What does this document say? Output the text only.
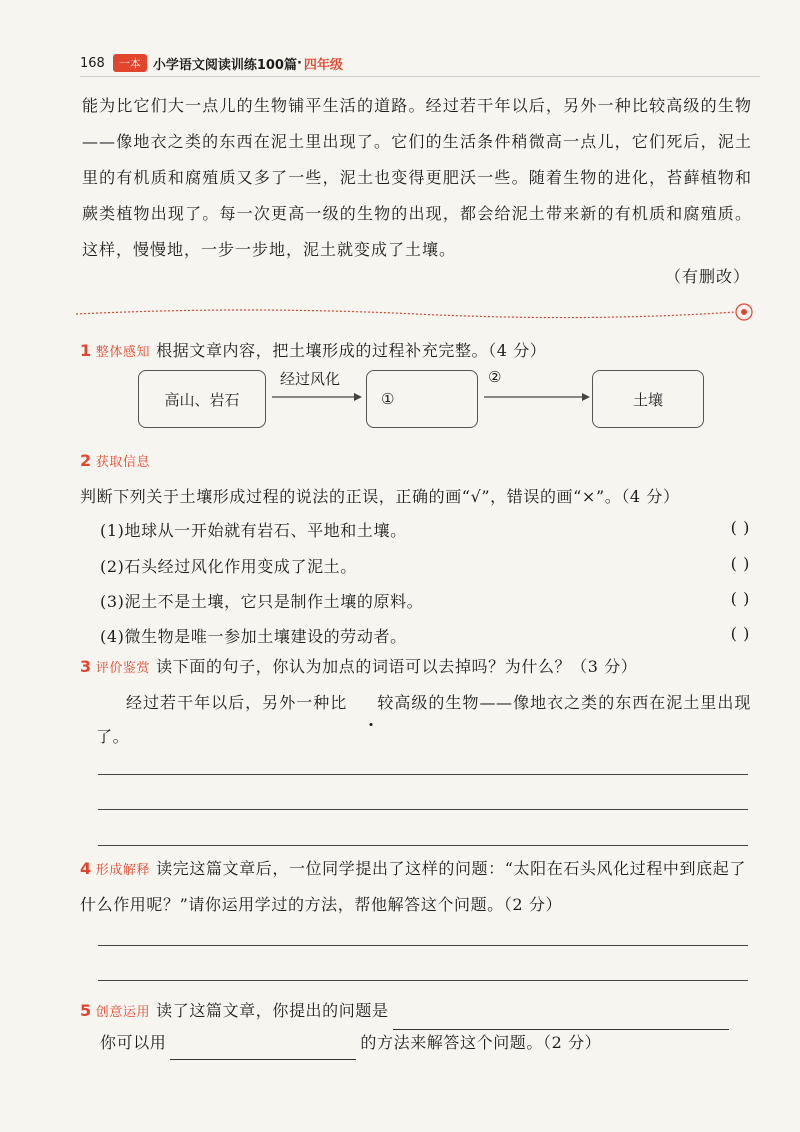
168	一本 小学语文阅读训练100篇 · 四年级
能为比它们大一点儿的生物铺平生活的道路。经过若干年以后，另外一种比较高级的生物——像地衣之类的东西在泥土里出现了。它们的生活条件稍微高一点儿，它们死后，泥土里的有机质和腐殖质又多了一些，泥土也变得更肥沃一些。随着生物的进化，苔藓植物和蕨类植物出现了。每一次更高一级的生物的出现，都会给泥土带来新的有机质和腐殖质。这样，慢慢地，一步一步地，泥土就变成了土壤。
（有删改）
1 整体感知 根据文章内容，把土壤形成的过程补充完整。（4 分）
高山、岩石
经过风化
①
②
土壤
2 获取信息判断下列关于土壤形成过程的说法的正误，正确的画“√”，错误的画“×”。（4 分）
(1)地球从一开始就有岩石、平地和土壤。	( )
(2)石头经过风化作用变成了泥土。	( )
(3)泥土不是土壤，它只是制作土壤的原料。	( )
(4)微生物是唯一参加土壤建设的劳动者。	( )
3 评价鉴赏 读下面的句子，你认为加点的词语可以去掉吗？为什么？（3 分）
经过若干年以后，另外一种比 较高级的生物——像地衣之类的东西在泥土里出现了。
4 形成解释 读完这篇文章后，一位同学提出了这样的问题：“太阳在石头风化过程中到底起了什么作用呢？”请你运用学过的方法，帮他解答这个问题。（2 分）
5 创意运用 读了这篇文章，你提出的问题是
你可以用	的方法来解答这个问题。（2 分）
